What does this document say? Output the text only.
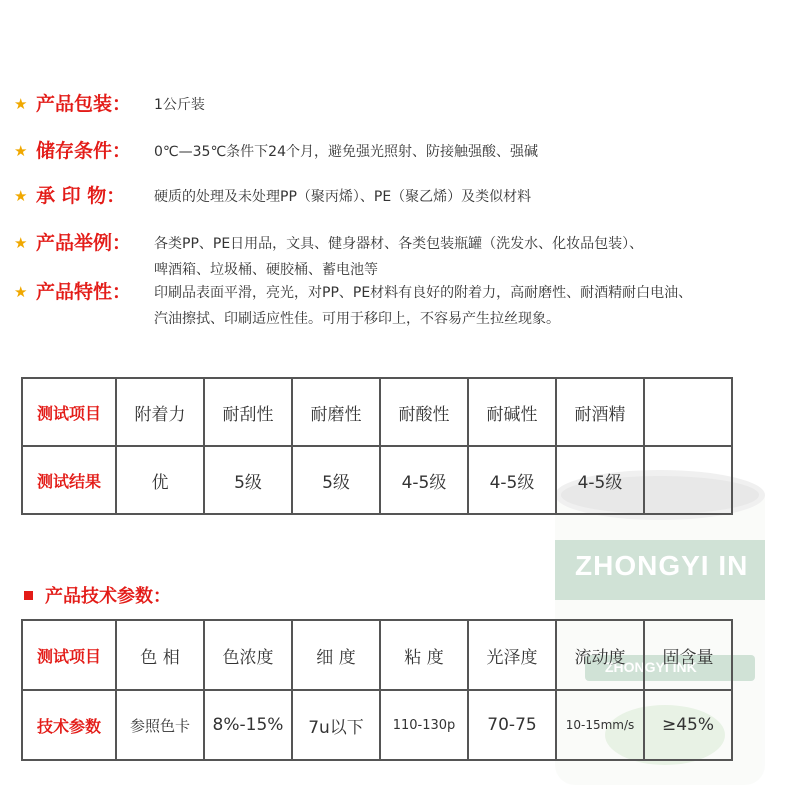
ZHONGYI IN
ZHONGYI INK
★ 产品包装：	1公斤装
★ 储存条件：	0℃—35℃条件下24个月，避免强光照射、防接触强酸、强碱
★ 承 印 物：	硬质的处理及未处理PP（聚丙烯）、PE（聚乙烯）及类似材料
★ 产品举例：	各类PP、PE日用品，文具、健身器材、各类包装瓶罐（洗发水、化妆品包装）、
啤酒箱、垃圾桶、硬胶桶、蓄电池等
★ 产品特性：	印刷品表面平滑，亮光，对PP、PE材料有良好的附着力，高耐磨性、耐酒精耐白电油、
汽油擦拭、印刷适应性佳。可用于移印上，不容易产生拉丝现象。
测试项目	附着力	耐刮性	耐磨性	耐酸性	耐碱性	耐酒精	
测试结果	优	5级	5级	4-5级	4-5级	4-5级	
产品技术参数：
测试项目	色 相	色浓度	细 度	粘 度	光泽度	流动度	固含量
技术参数	参照色卡	8%-15%	7u以下	110-130p	70-75	10-15mm/s	≥45%
